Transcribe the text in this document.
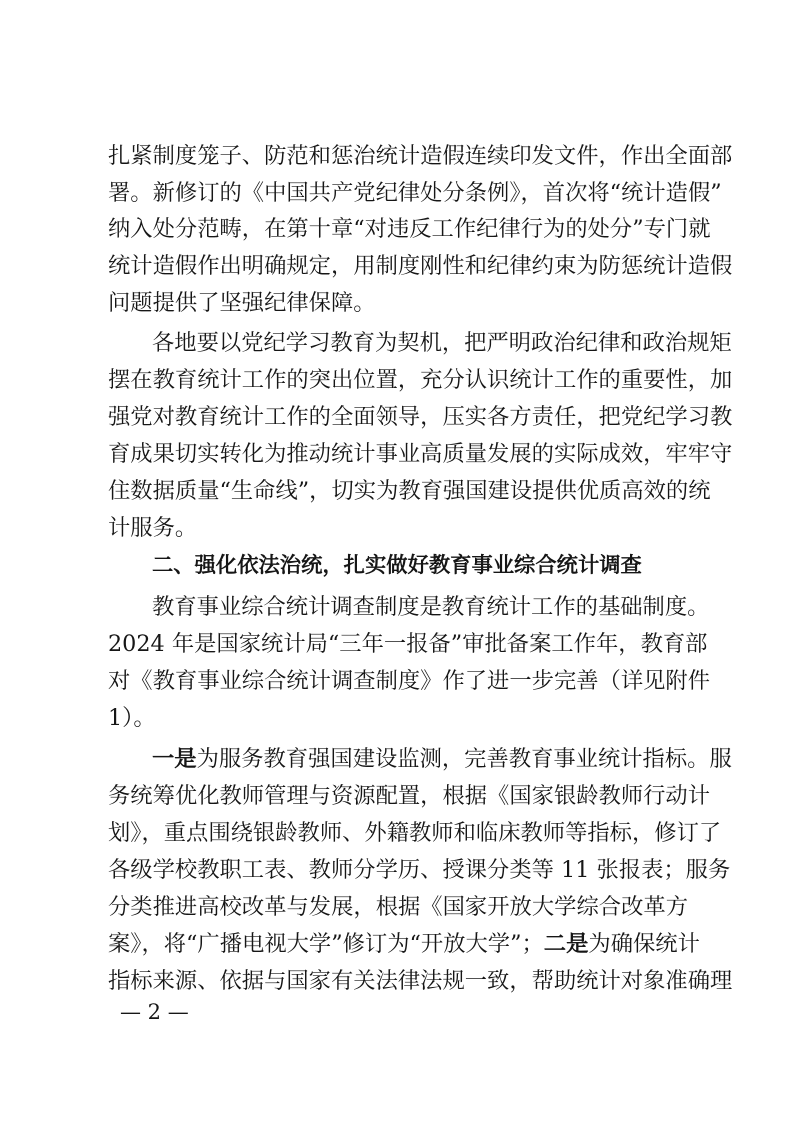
扎紧制度笼子、防范和惩治统计造假连续印发文件，作出全面部
署。新修订的《中国共产党纪律处分条例》，首次将“统计造假”
纳入处分范畴，在第十章“对违反工作纪律行为的处分”专门就
统计造假作出明确规定，用制度刚性和纪律约束为防惩统计造假
问题提供了坚强纪律保障。
各地要以党纪学习教育为契机，把严明政治纪律和政治规矩
摆在教育统计工作的突出位置，充分认识统计工作的重要性，加
强党对教育统计工作的全面领导，压实各方责任，把党纪学习教
育成果切实转化为推动统计事业高质量发展的实际成效，牢牢守
住数据质量“生命线”，切实为教育强国建设提供优质高效的统
计服务。
二、强化依法治统，扎实做好教育事业综合统计调查
教育事业综合统计调查制度是教育统计工作的基础制度。
2024 年是国家统计局“三年一报备”审批备案工作年，教育部
对《教育事业综合统计调查制度》作了进一步完善（详见附件
1）。
一是为服务教育强国建设监测，完善教育事业统计指标。服
务统筹优化教师管理与资源配置，根据《国家银龄教师行动计
划》，重点围绕银龄教师、外籍教师和临床教师等指标，修订了
各级学校教职工表、教师分学历、授课分类等 11 张报表；服务
分类推进高校改革与发展，根据《国家开放大学综合改革方
案》，将“广播电视大学”修订为“开放大学”；二是为确保统计
指标来源、依据与国家有关法律法规一致，帮助统计对象准确理
— 2 —
